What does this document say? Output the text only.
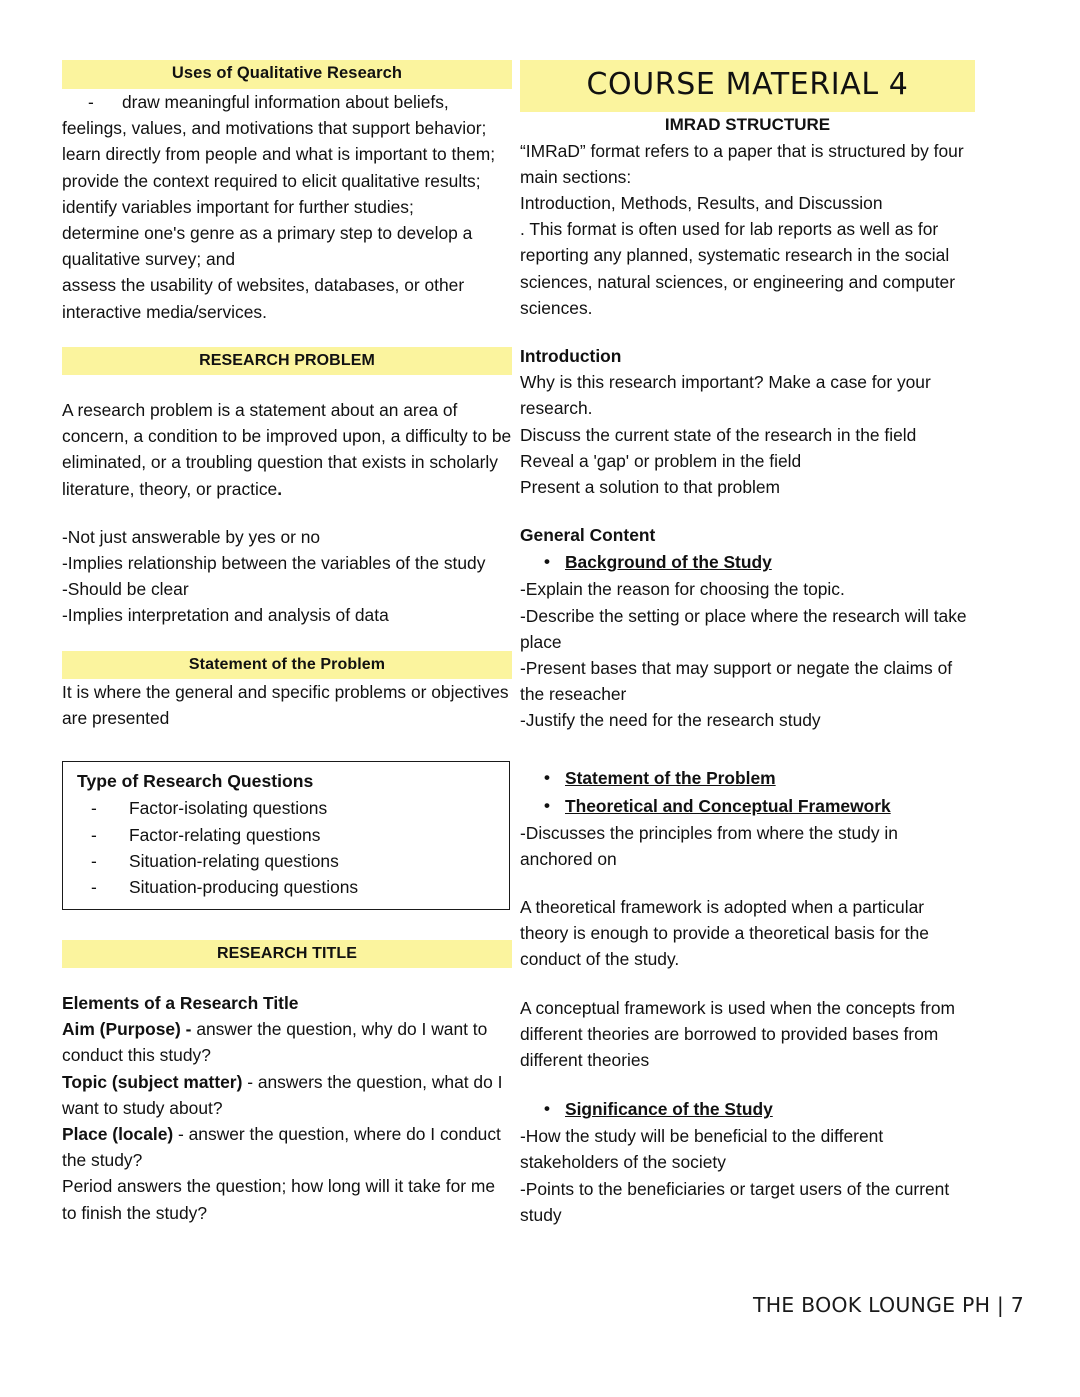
Uses of Qualitative Research
- draw meaningful information about beliefs, feelings, values, and motivations that support behavior; learn directly from people and what is important to them; provide the context required to elicit qualitative results;
identify variables important for further studies;
determine one's genre as a primary step to develop a qualitative survey; and
assess the usability of websites, databases, or other interactive media/services.
RESEARCH PROBLEM
A research problem is a statement about an area of concern, a condition to be improved upon, a difficulty to be eliminated, or a troubling question that exists in scholarly literature, theory, or practice.
-Not just answerable by yes or no
-Implies relationship between the variables of the study
-Should be clear
-Implies interpretation and analysis of data
Statement of the Problem
It is where the general and specific problems or objectives are presented
Type of Research Questions
- Factor-isolating questions
- Factor-relating questions
- Situation-relating questions
- Situation-producing questions
RESEARCH TITLE
Elements of a Research Title
Aim (Purpose) - answer the question, why do I want to conduct this study?
Topic (subject matter) - answers the question, what do I want to study about?
Place (locale) - answer the question, where do I conduct the study?
Period answers the question; how long will it take for me to finish the study?
COURSE MATERIAL 4
IMRAD STRUCTURE
“IMRaD” format refers to a paper that is structured by four main sections:
Introduction, Methods, Results, and Discussion
. This format is often used for lab reports as well as for reporting any planned, systematic research in the social sciences, natural sciences, or engineering and computer sciences.
Introduction
Why is this research important? Make a case for your research.
Discuss the current state of the research in the field
Reveal a 'gap' or problem in the field
Present a solution to that problem
General Content
• Background of the Study
-Explain the reason for choosing the topic.
-Describe the setting or place where the research will take place
-Present bases that may support or negate the claims of the reseacher
-Justify the need for the research study
• Statement of the Problem
• Theoretical and Conceptual Framework
-Discusses the principles from where the study in anchored on
A theoretical framework is adopted when a particular theory is enough to provide a theoretical basis for the conduct of the study.
A conceptual framework is used when the concepts from different theories are borrowed to provided bases from different theories
• Significance of the Study
-How the study will be beneficial to the different stakeholders of the society
-Points to the beneficiaries or target users of the current study
THE BOOK LOUNGE PH | 7
